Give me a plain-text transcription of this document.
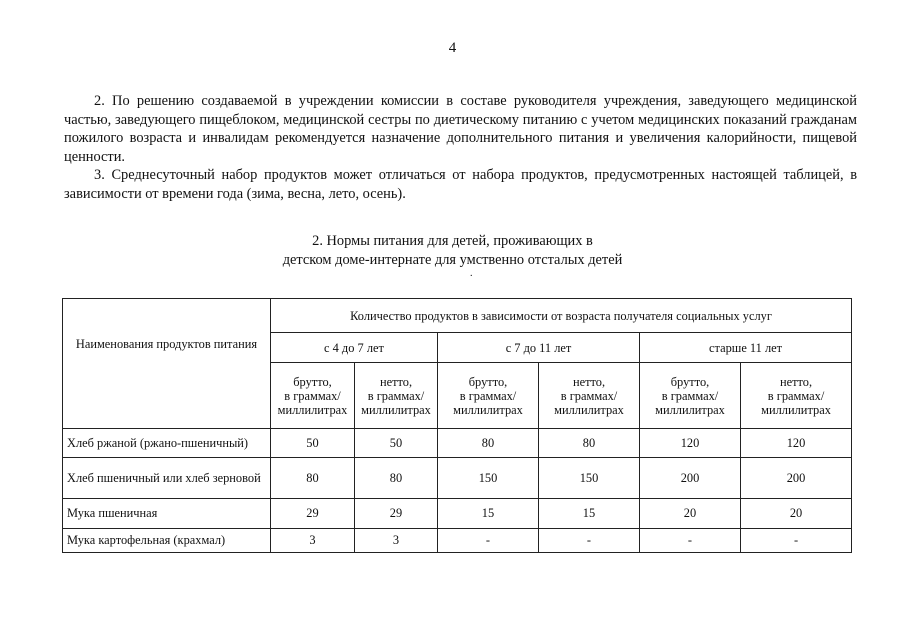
4

2. По решению создаваемой в учреждении комиссии в составе руководителя учреждения, заведующего медицинской частью, заведующего пищеблоком, медицинской сестры по диетическому питанию с учетом медицинских показаний гражданам пожилого возраста и инвалидам рекомендуется назначение дополнительного питания и увеличения калорийности, пищевой ценности.

3. Среднесуточный набор продуктов может отличаться от набора продуктов, предусмотренных настоящей таблицей, в зависимости от времени года (зима, весна, лето, осень).

2. Нормы питания для детей, проживающих в
детском доме-интернате для умственно отсталых детей
.
Наименования продуктов питания	Количество продуктов в зависимости от возраста получателя социальных услуг					
	с 4 до 7 лет		с 7 до 11 лет		старше 11 лет	

	брутто,
в граммах/
миллилитрах	нетто,
в граммах/
миллилитрах	брутто,
в граммах/
миллилитрах	нетто,
в граммах/
миллилитрах	брутто,
в граммах/
миллилитрах	нетто,
в граммах/
миллилитрах

Хлеб ржаной (ржано-пшеничный)	50	50	80	80	120	120
Хлеб пшеничный или хлеб зерновой	80	80	150	150	200	200
Мука пшеничная	29	29	15	15	20	20
Мука картофельная (крахмал)	3	3	-	-	-	-
